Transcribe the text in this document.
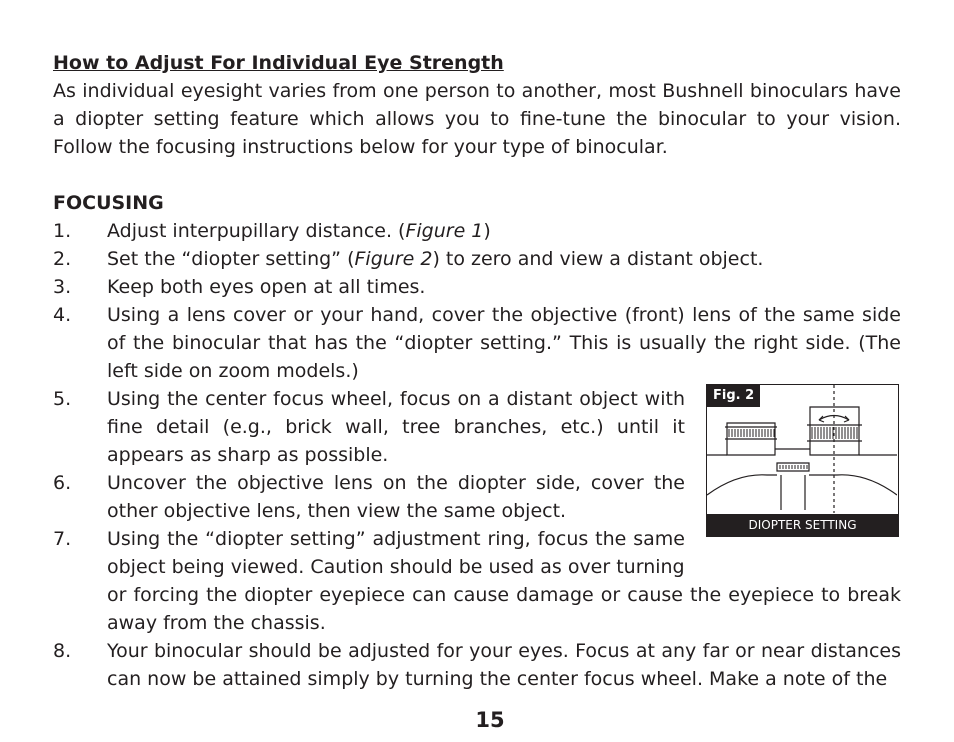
How to Adjust For Individual Eye Strength

As individual eyesight varies from one person to another, most Bushnell binoculars have a diopter setting feature which allows you to fine-tune the binocular to your vision. Follow the focusing instructions below for your type of binocular.

FOCUSING
1. Adjust interpupillary distance. (Figure 1)
2. Set the “diopter setting” (Figure 2) to zero and view a distant object.
3. Keep both eyes open at all times.
4. Using a lens cover or your hand, cover the objective (front) lens of the same side of the binocular that has the “diopter setting.” This is usually the right side. (The left side on zoom models.)
5. Using the center focus wheel, focus on a distant object with fine detail (e.g., brick wall, tree branches, etc.) until it appears as sharp as possible.
6. Uncover the objective lens on the diopter side, cover the other objective lens, then view the same object.
7. Using the “diopter setting” adjustment ring, focus the same object being viewed. Caution should be used as over turning
or forcing the diopter eyepiece can cause damage or cause the eyepiece to break away from the chassis.
8. Your binocular should be adjusted for your eyes. Focus at any far or near distances can now be attained simply by turning the center focus wheel. Make a note of the
Fig. 2
DIOPTER SETTING
15
